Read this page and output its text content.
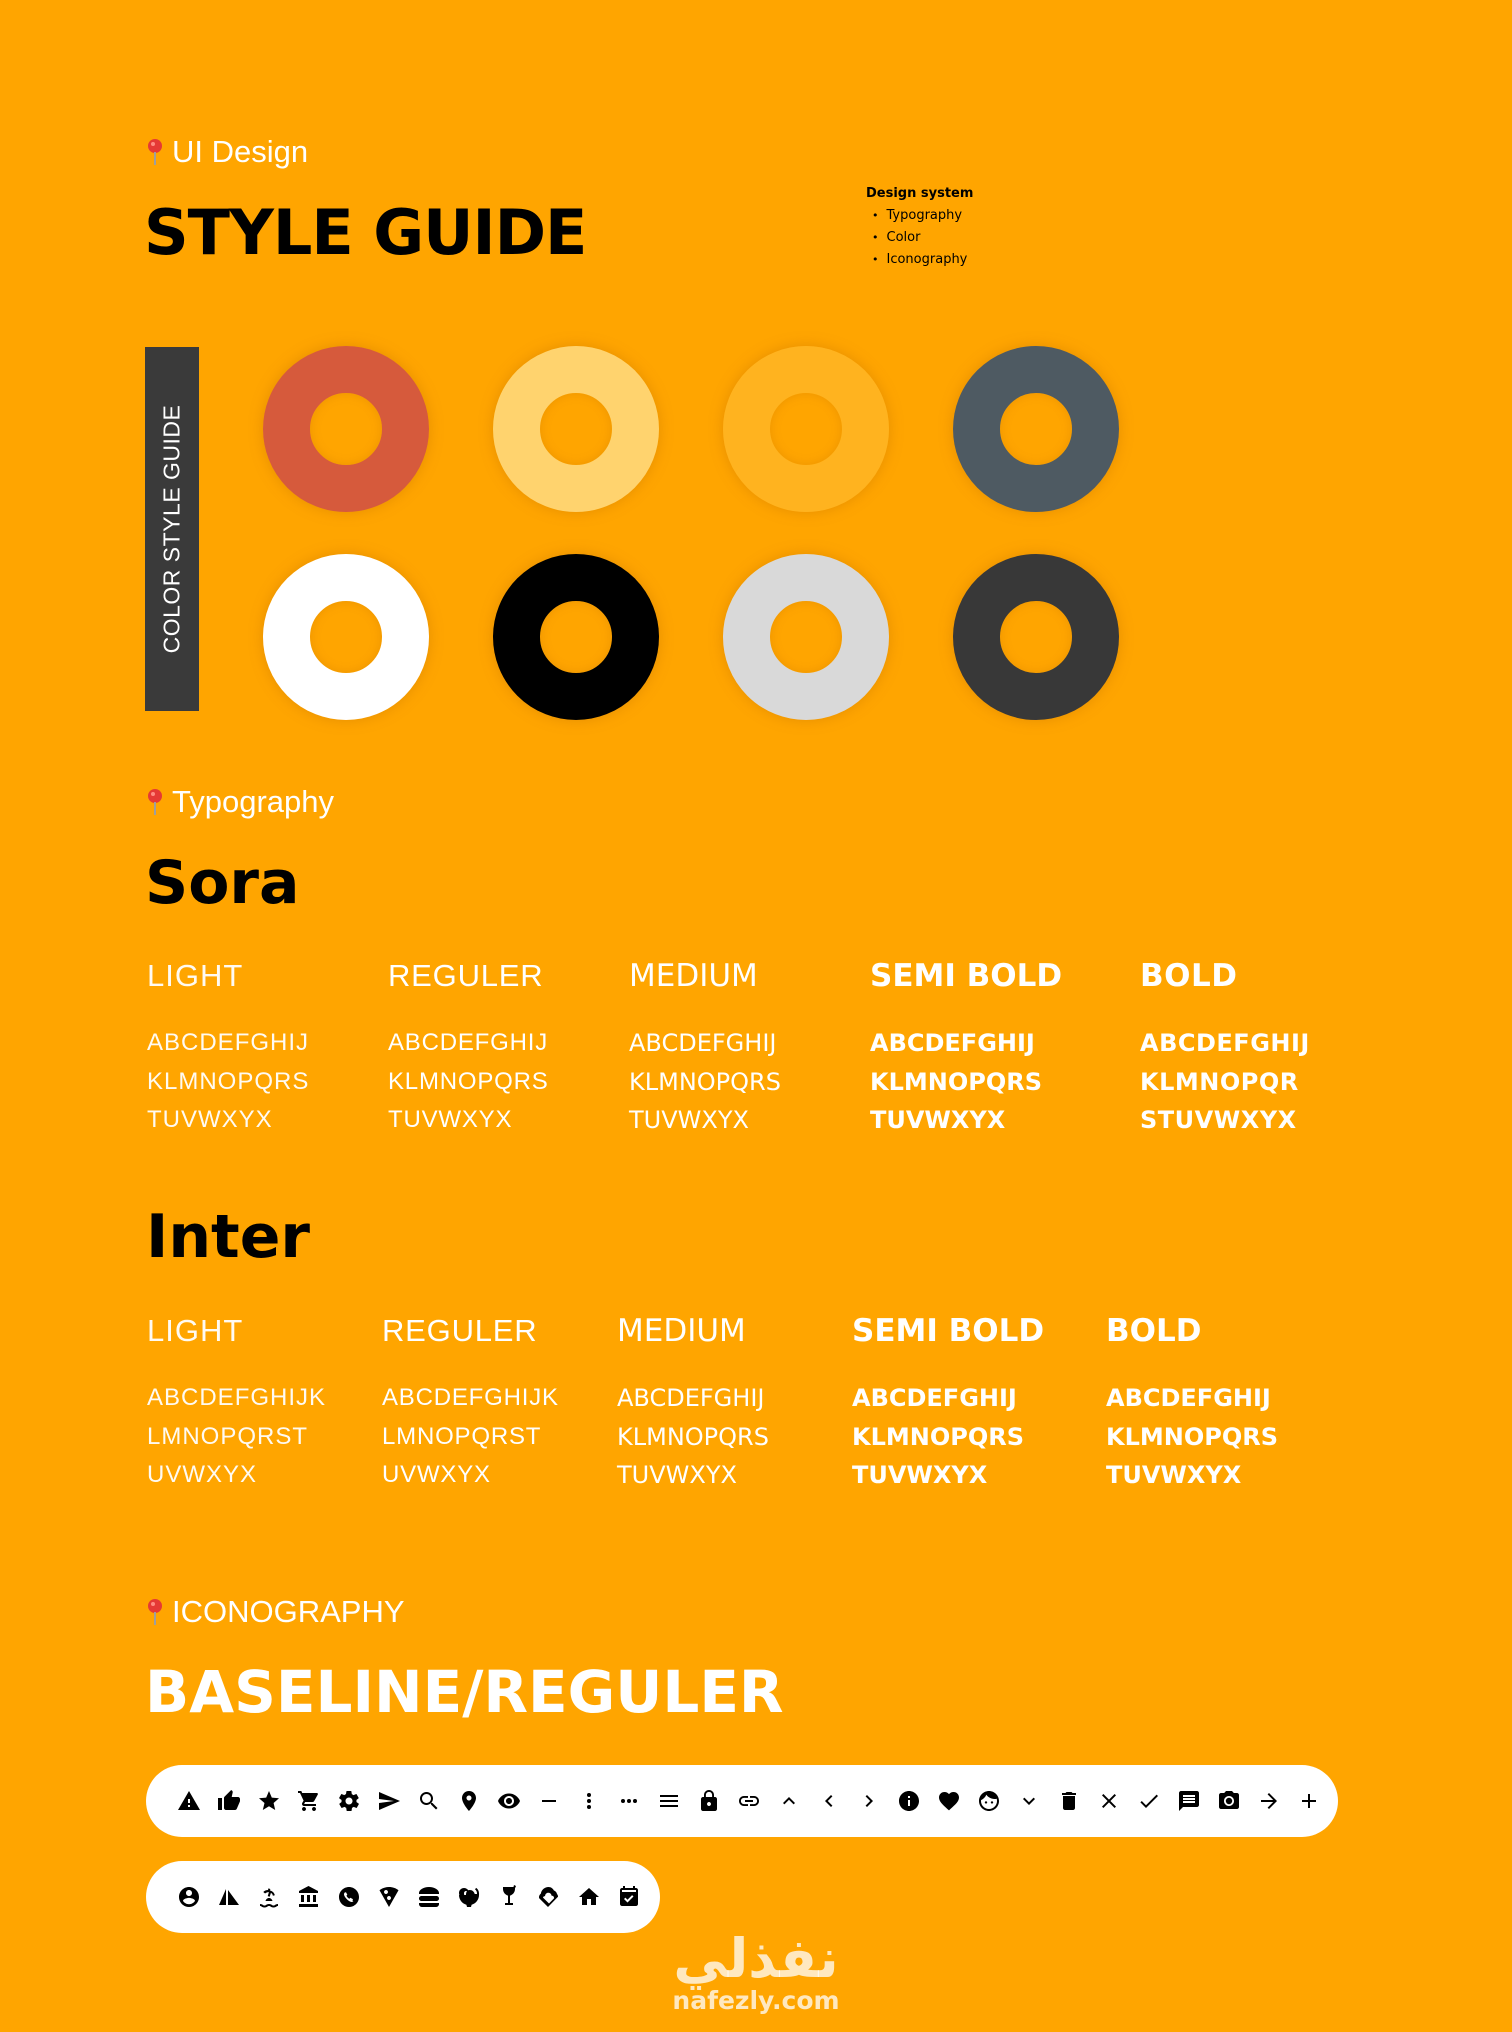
UI Design
STYLE GUIDE
Design system
• Typography
• Color
• Iconography
COLOR STYLE GUIDE
Typography
Sora
LIGHT
ABCDEFGHIJ
KLMNOPQRS
TUVWXYX
REGULER
ABCDEFGHIJ
KLMNOPQRS
TUVWXYX
MEDIUM
ABCDEFGHIJ
KLMNOPQRS
TUVWXYX
SEMI BOLD
ABCDEFGHIJ
KLMNOPQRS
TUVWXYX
BOLD
ABCDEFGHIJ
KLMNOPQR
STUVWXYX
Inter
LIGHT
ABCDEFGHIJK
LMNOPQRST
UVWXYX
REGULER
ABCDEFGHIJK
LMNOPQRST
UVWXYX
MEDIUM
ABCDEFGHIJ
KLMNOPQRS
TUVWXYX
SEMI BOLD
ABCDEFGHIJ
KLMNOPQRS
TUVWXYX
BOLD
ABCDEFGHIJ
KLMNOPQRS
TUVWXYX
ICONOGRAPHY
BASELINE/REGULER
نفذلي
nafezly.com
